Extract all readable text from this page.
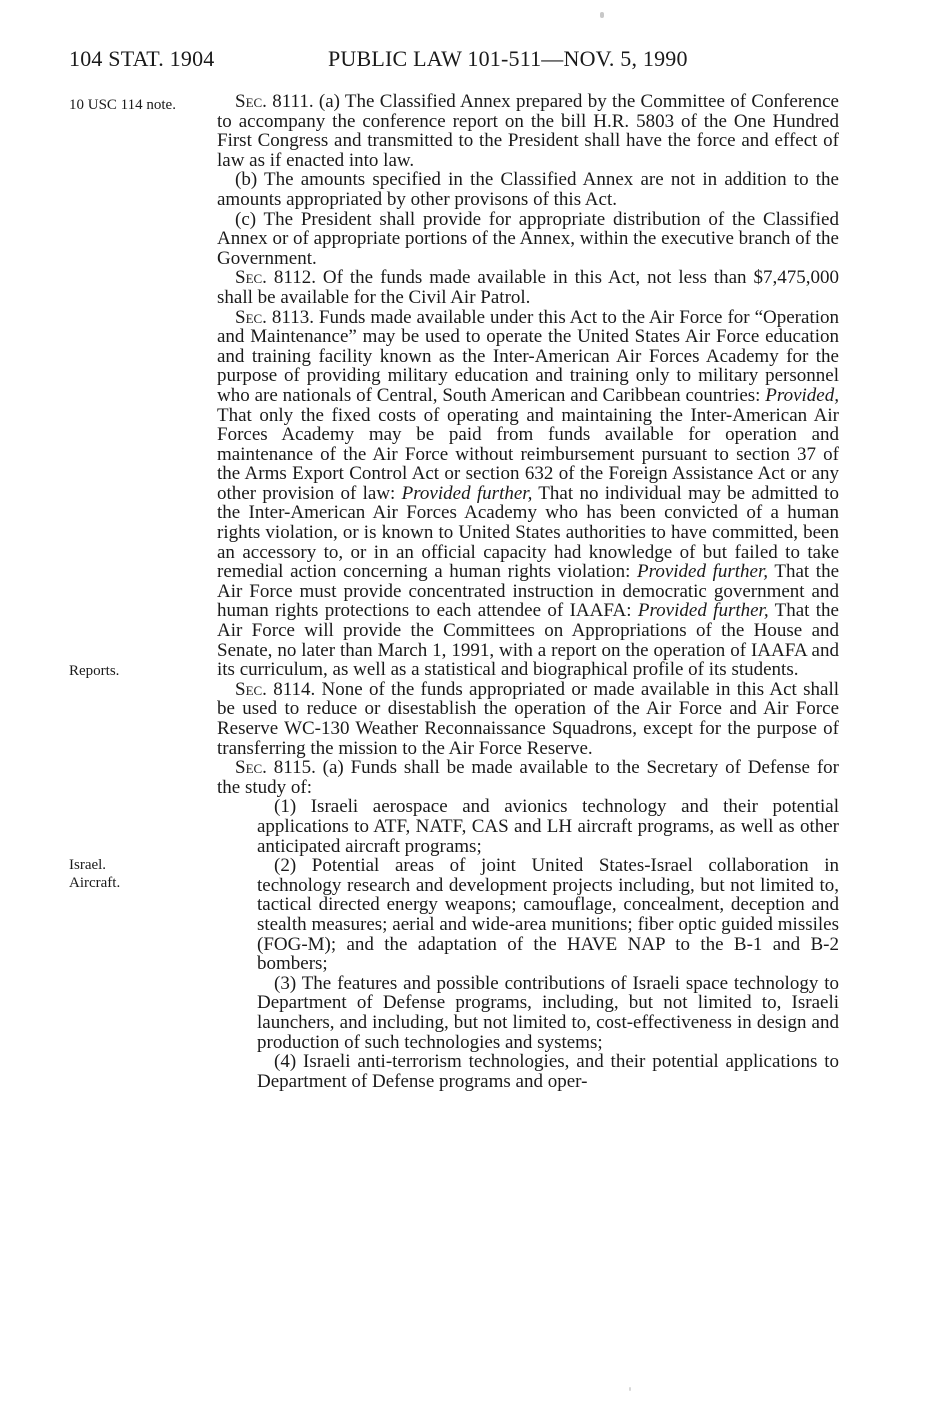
104 STAT. 1904	PUBLIC LAW 101-511—NOV. 5, 1990
10 USC 114 note.
Reports.
Israel.
Aircraft.

Sec. 8111. (a) The Classified Annex prepared by the Committee of Conference to accompany the conference report on the bill H.R. 5803 of the One Hundred First Congress and transmitted to the President shall have the force and effect of law as if enacted into law.

(b) The amounts specified in the Classified Annex are not in addition to the amounts appropriated by other provisons of this Act.

(c) The President shall provide for appropriate distribution of the Classified Annex or of appropriate portions of the Annex, within the executive branch of the Government.

Sec. 8112. Of the funds made available in this Act, not less than $7,475,000 shall be available for the Civil Air Patrol.

Sec. 8113. Funds made available under this Act to the Air Force for “Operation and Maintenance” may be used to operate the United States Air Force education and training facility known as the Inter-American Air Forces Academy for the purpose of providing military education and training only to military personnel who are nationals of Central, South American and Caribbean countries: Provided, That only the fixed costs of operating and maintaining the Inter-American Air Forces Academy may be paid from funds available for operation and maintenance of the Air Force without reimbursement pursuant to section 37 of the Arms Export Control Act or section 632 of the Foreign Assistance Act or any other provision of law: Provided further, That no individual may be admitted to the Inter-American Air Forces Academy who has been convicted of a human rights violation, or is known to United States authorities to have committed, been an accessory to, or in an official capacity had knowledge of but failed to take remedial action concerning a human rights violation: Provided further, That the Air Force must provide concentrated instruction in democratic government and human rights protections to each attendee of IAAFA: Provided further, That the Air Force will provide the Committees on Appropriations of the House and Senate, no later than March 1, 1991, with a report on the operation of IAAFA and its curriculum, as well as a statistical and biographical profile of its students.

Sec. 8114. None of the funds appropriated or made available in this Act shall be used to reduce or disestablish the operation of the Air Force and Air Force Reserve WC-130 Weather Reconnaissance Squadrons, except for the purpose of transferring the mission to the Air Force Reserve.

Sec. 8115. (a) Funds shall be made available to the Secretary of Defense for the study of:

(1) Israeli aerospace and avionics technology and their potential applications to ATF, NATF, CAS and LH aircraft programs, as well as other anticipated aircraft programs;

(2) Potential areas of joint United States-Israel collaboration in technology research and development projects including, but not limited to, tactical directed energy weapons; camouflage, concealment, deception and stealth measures; aerial and wide-area munitions; fiber optic guided missiles (FOG-M); and the adaptation of the HAVE NAP to the B-1 and B-2 bombers;

(3) The features and possible contributions of Israeli space technology to Department of Defense programs, including, but not limited to, Israeli launchers, and including, but not limited to, cost-effectiveness in design and production of such technologies and systems;

(4) Israeli anti-terrorism technologies, and their potential applications to Department of Defense programs and oper-
